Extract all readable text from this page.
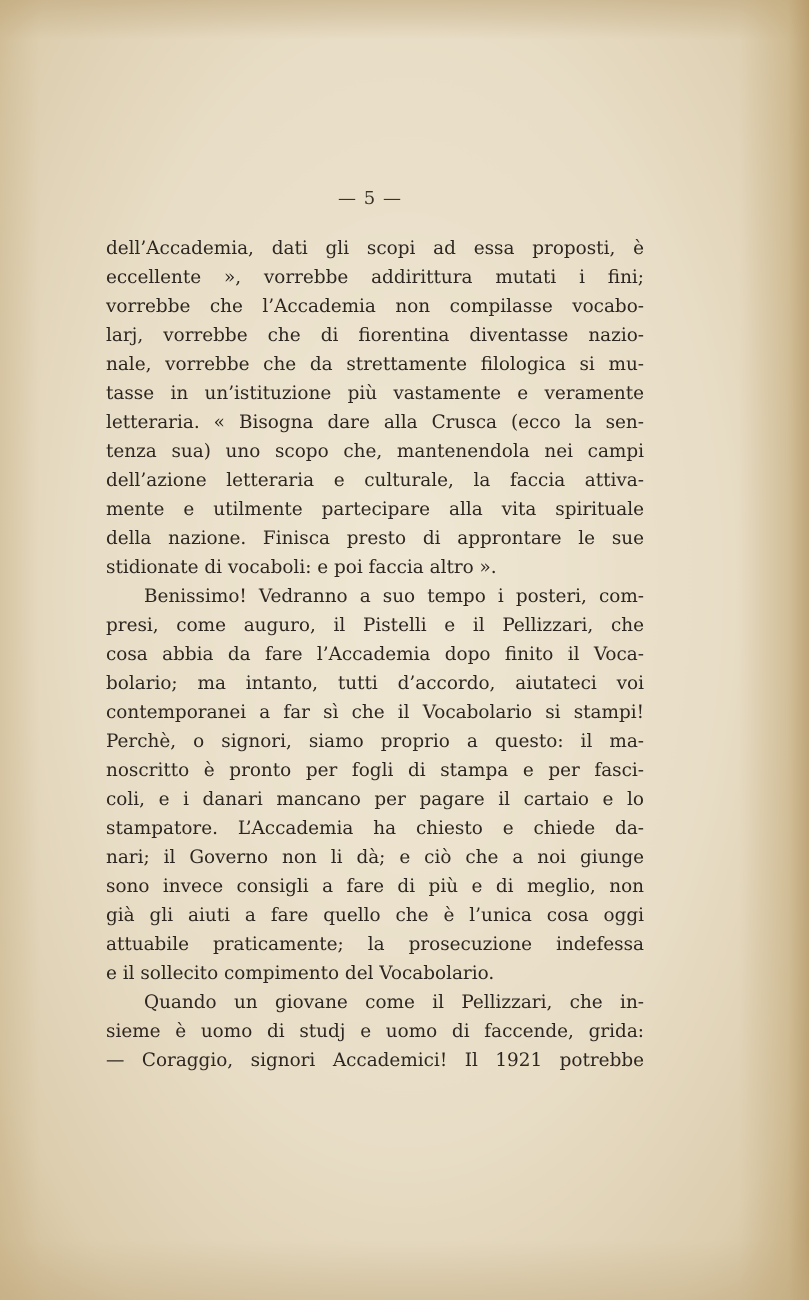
— 5 —
dell’Accademia, dati gli scopi ad essa proposti, è
eccellente », vorrebbe addirittura mutati i fini;
vorrebbe che l’Accademia non compilasse vocabo-
larj, vorrebbe che di fiorentina diventasse nazio-
nale, vorrebbe che da strettamente filologica si mu-
tasse in un’istituzione più vastamente e veramente
letteraria. « Bisogna dare alla Crusca (ecco la sen-
tenza sua) uno scopo che, mantenendola nei campi
dell’azione letteraria e culturale, la faccia attiva-
mente e utilmente partecipare alla vita spirituale
della nazione. Finisca presto di approntare le sue
stidionate di vocaboli: e poi faccia altro ».
Benissimo! Vedranno a suo tempo i posteri, com-
presi, come auguro, il Pistelli e il Pellizzari, che
cosa abbia da fare l’Accademia dopo finito il Voca-
bolario; ma intanto, tutti d’accordo, aiutateci voi
contemporanei a far sì che il Vocabolario si stampi!
Perchè, o signori, siamo proprio a questo: il ma-
noscritto è pronto per fogli di stampa e per fasci-
coli, e i danari mancano per pagare il cartaio e lo
stampatore. L’Accademia ha chiesto e chiede da-
nari; il Governo non li dà; e ciò che a noi giunge
sono invece consigli a fare di più e di meglio, non
già gli aiuti a fare quello che è l’unica cosa oggi
attuabile praticamente; la prosecuzione indefessa
e il sollecito compimento del Vocabolario.
Quando un giovane come il Pellizzari, che in-
sieme è uomo di studj e uomo di faccende, grida:
— Coraggio, signori Accademici! Il 1921 potrebbe
